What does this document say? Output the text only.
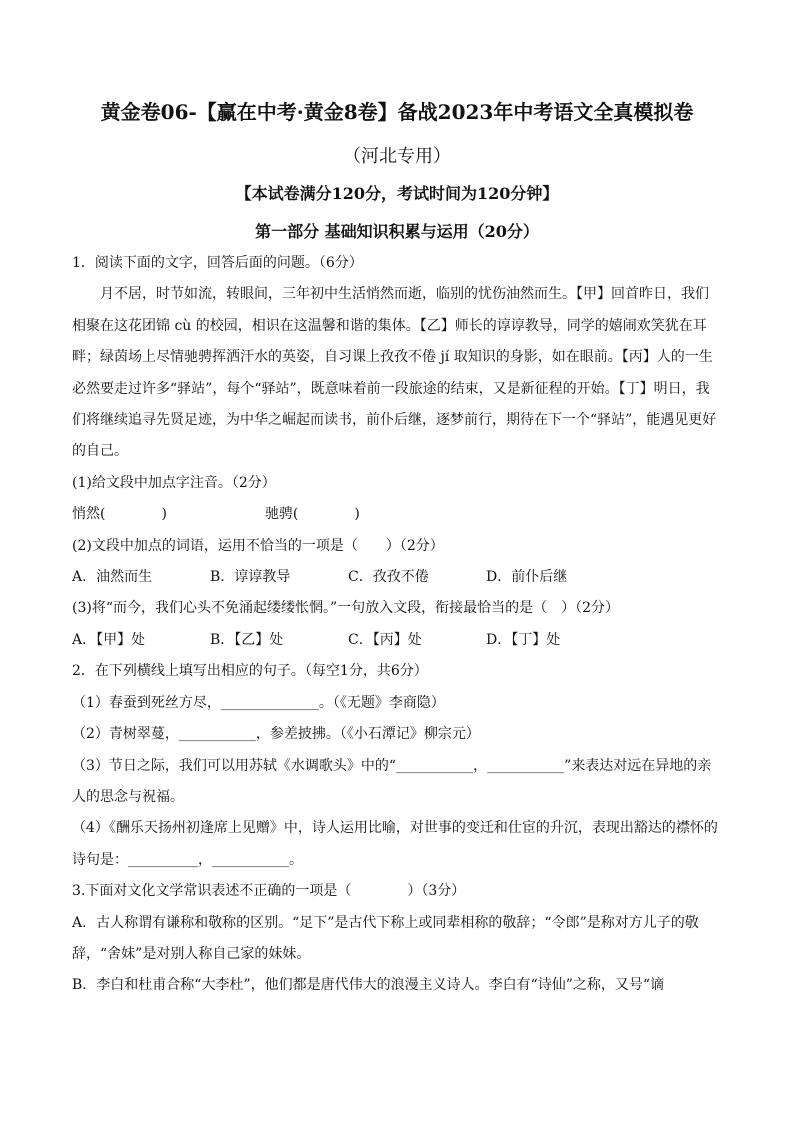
黄金卷06-【赢在中考·黄金8卷】备战2023年中考语文全真模拟卷
（河北专用）
【本试卷满分120分，考试时间为120分钟】
第一部分 基础知识积累与运用（20分）

1．阅读下面的文字，回答后面的问题。（6分）

月不居，时节如流，转眼间，三年初中生活悄然而逝，临别的忧伤油然而生。【甲】回首昨日，我们相聚在这花团锦 cù 的校园，相识在这温馨和谐的集体。【乙】师长的谆谆教导，同学的嬉闹欢笑犹在耳畔；绿茵场上尽情驰骋挥洒汗水的英姿，自习课上孜孜不倦 jí 取知识的身影，如在眼前。【丙】人的一生必然要走过许多“驿站”，每个“驿站”，既意味着前一段旅途的结束，又是新征程的开始。【丁】明日，我们将继续追寻先贤足迹，为中华之崛起而读书，前仆后继，逐梦前行，期待在下一个“驿站”，能遇见更好的自己。

(1)给文段中加点字注音。（2分）

悄然(　　　　)	驰骋(　　　　)

(2)文段中加点的词语，运用不恰当的一项是（　　）（2分）

A．油然而生	B．谆谆教导	C．孜孜不倦	D．前仆后继

(3)将“而今，我们心头不免涌起缕缕怅惘。”一句放入文段，衔接最恰当的是（　）（2分）

A．【甲】处	B．【乙】处	C．【丙】处	D．【丁】处

2．在下列横线上填写出相应的句子。（每空1分，共6分）

（1）春蚕到死丝方尽，______________。（《无题》李商隐）

（2）青树翠蔓，___________，参差披拂。（《小石潭记》柳宗元）

（3）节日之际，我们可以用苏轼《水调歌头》中的“___________，___________”来表达对远在异地的亲人的思念与祝福。

（4）《酬乐天扬州初逢席上见赠》中，诗人运用比喻，对世事的变迁和仕宦的升沉，表现出豁达的襟怀的诗句是：__________，___________。

3.下面对文化文学常识表述不正确的一项是（　　　　）（3分）

A．古人称谓有谦称和敬称的区别。“足下”是古代下称上或同辈相称的敬辞；“令郎”是称对方儿子的敬辞，“舍妹”是对别人称自己家的妹妹。

B．李白和杜甫合称“大李杜”，他们都是唐代伟大的浪漫主义诗人。李白有“诗仙”之称，又号“谪
